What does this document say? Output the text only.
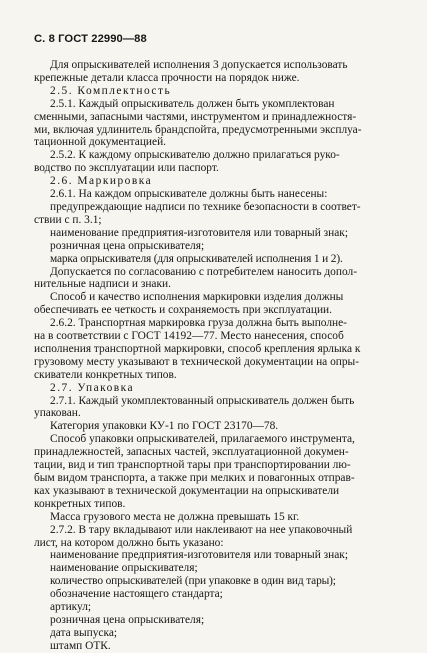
С. 8 ГОСТ 22990—88

Для опрыскивателей исполнения 3 допускается использовать

крепежные детали класса прочности на порядок ниже.

2.5. Комплектность

2.5.1. Каждый опрыскиватель должен быть укомплектован

сменными, запасными частями, инструментом и принадлежностя-

ми, включая удлинитель брандспойта, предусмотренными эксплуа-

тационной документацией.

2.5.2. К каждому опрыскивателю должно прилагаться руко-

водство по эксплуатации или паспорт.

2.6. Маркировка

2.6.1. На каждом опрыскивателе должны быть нанесены:

предупреждающие надписи по технике безопасности в соответ-

ствии с п. 3.1;

наименование предприятия-изготовителя или товарный знак;

розничная цена опрыскивателя;

марка опрыскивателя (для опрыскивателей исполнения 1 и 2).

Допускается по согласованию с потребителем наносить допол-

нительные надписи и знаки.

Способ и качество исполнения маркировки изделия должны

обеспечивать ее четкость и сохраняемость при эксплуатации.

2.6.2. Транспортная маркировка груза должна быть выполне-

на в соответствии с ГОСТ 14192—77. Место нанесения, способ

исполнения транспортной маркировки, способ крепления ярлыка к

грузовому месту указывают в технической документации на опры-

скиватели конкретных типов.

2.7. Упаковка

2.7.1. Каждый укомплектованный опрыскиватель должен быть

упакован.

Категория упаковки КУ-1 по ГОСТ 23170—78.

Способ упаковки опрыскивателей, прилагаемого инструмента,

принадлежностей, запасных частей, эксплуатационной докумен-

тации, вид и тип транспортной тары при транспортировании лю-

бым видом транспорта, а также при мелких и повагонных отправ-

ках указывают в технической документации на опрыскиватели

конкретных типов.

Масса грузового места не должна превышать 15 кг.

2.7.2. В тару вкладывают или наклеивают на нее упаковочный

лист, на котором должно быть указано:

наименование предприятия-изготовителя или товарный знак;

наименование опрыскивателя;

количество опрыскивателей (при упаковке в один вид тары);

обозначение настоящего стандарта;

артикул;

розничная цена опрыскивателя;

дата выпуска;

штамп ОТК.
